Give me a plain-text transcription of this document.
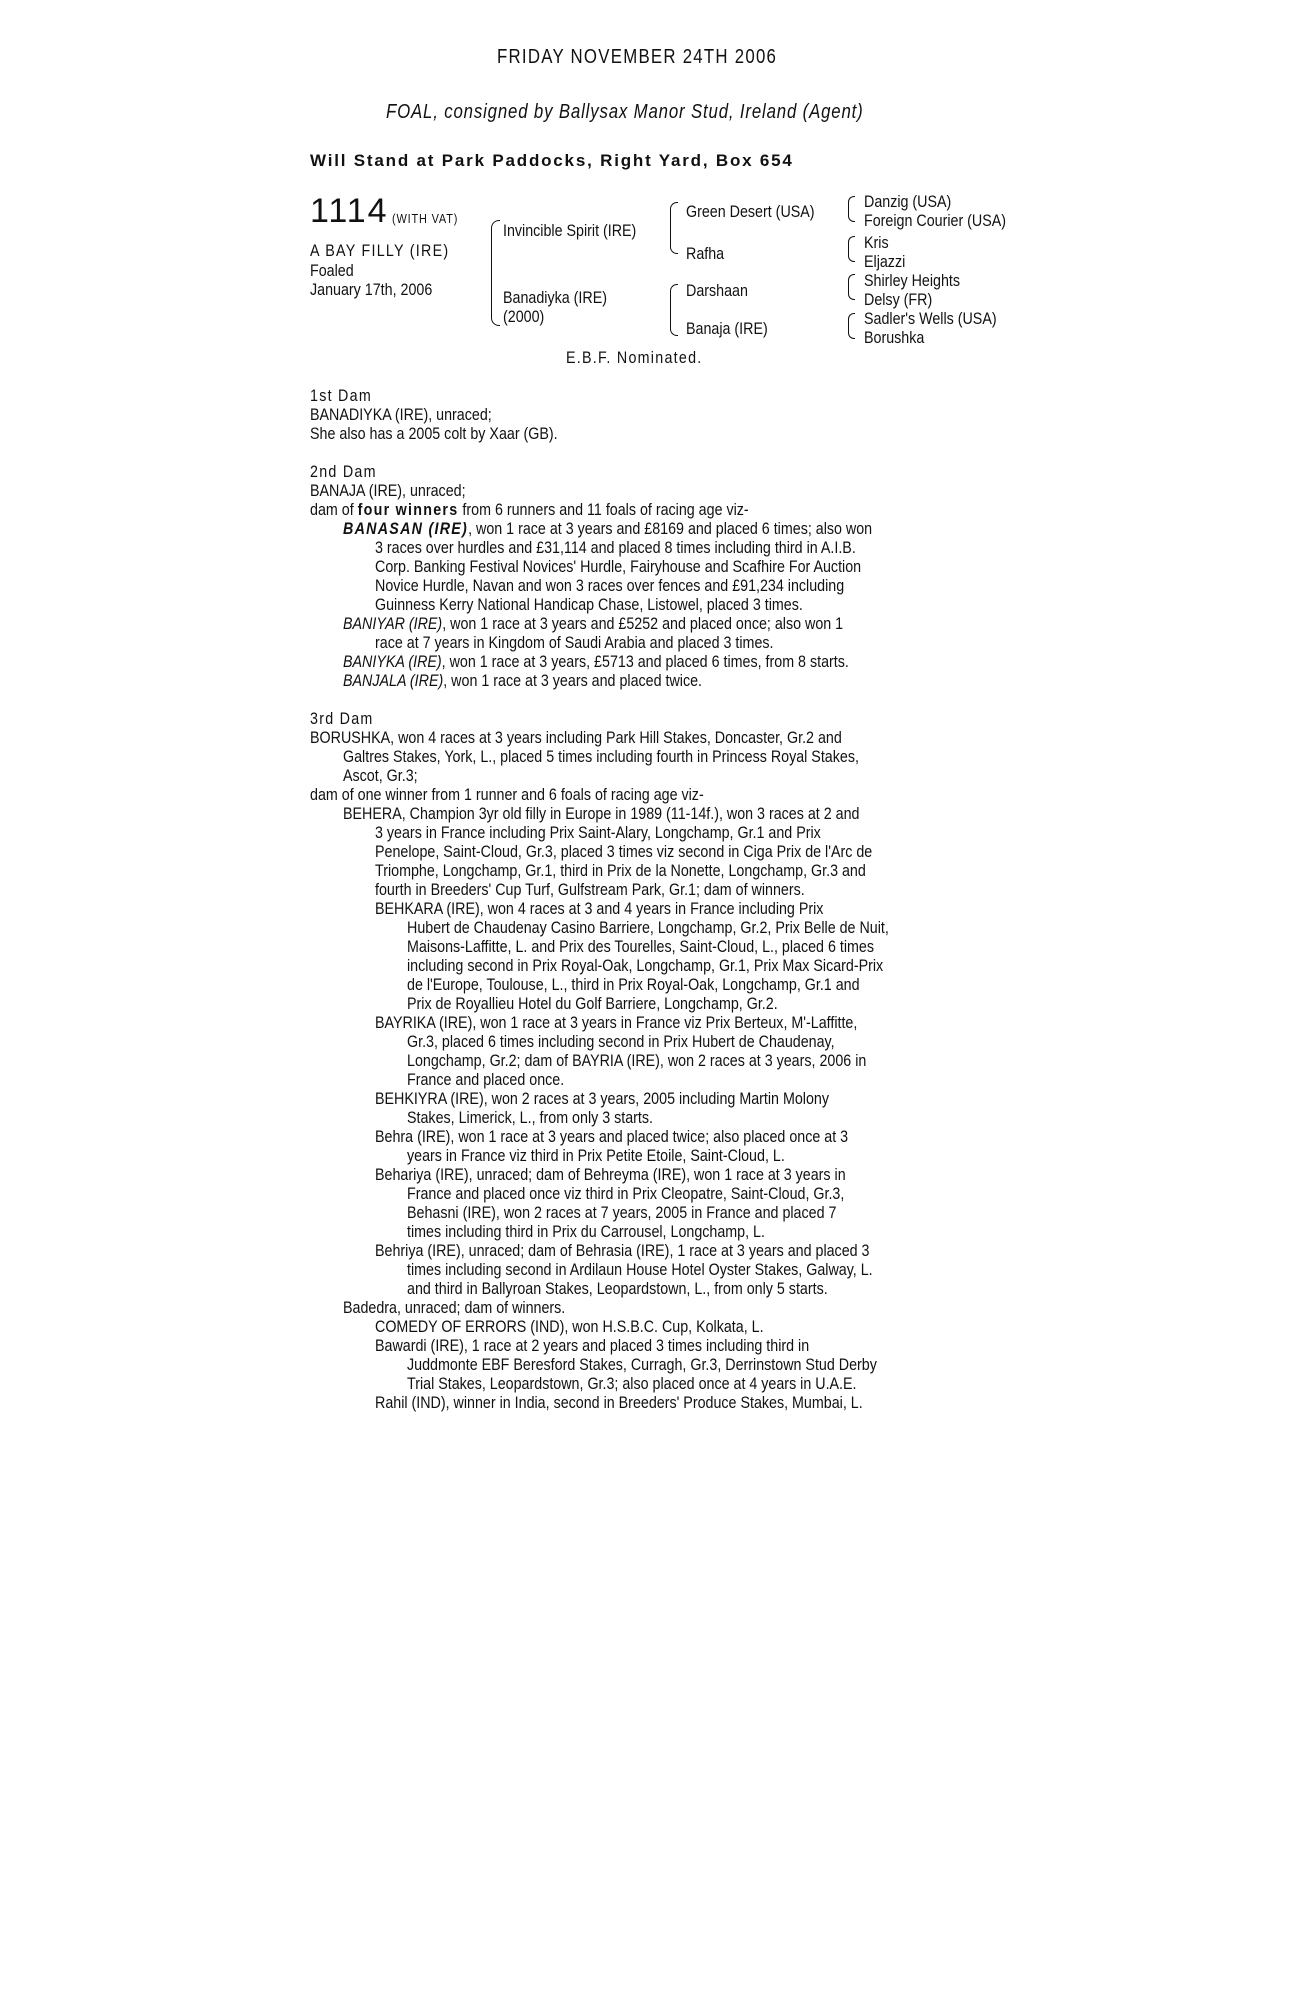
FRIDAY NOVEMBER 24TH 2006
FOAL, consigned by Ballysax Manor Stud, Ireland (Agent)
Will Stand at Park Paddocks, Right Yard, Box 654
1114 (WITH VAT)
A BAY FILLY (IRE)
Foaled
January 17th, 2006
Invincible Spirit (IRE)
Banadiyka (IRE)
(2000)
Green Desert (USA)
Rafha
Darshaan
Banaja (IRE)
Danzig (USA)
Foreign Courier (USA)
Kris
Eljazzi
Shirley Heights
Delsy (FR)
Sadler's Wells (USA)
Borushka
E.B.F. Nominated.
1st Dam
BANADIYKA (IRE), unraced;
She also has a 2005 colt by Xaar (GB).
2nd Dam
BANAJA (IRE), unraced;
dam of four winners from 6 runners and 11 foals of racing age viz-
BANASAN (IRE), won 1 race at 3 years and £8169 and placed 6 times; also won
3 races over hurdles and £31,114 and placed 8 times including third in A.I.B.
Corp. Banking Festival Novices' Hurdle, Fairyhouse and Scafhire For Auction
Novice Hurdle, Navan and won 3 races over fences and £91,234 including
Guinness Kerry National Handicap Chase, Listowel, placed 3 times.
BANIYAR (IRE), won 1 race at 3 years and £5252 and placed once; also won 1
race at 7 years in Kingdom of Saudi Arabia and placed 3 times.
BANIYKA (IRE), won 1 race at 3 years, £5713 and placed 6 times, from 8 starts.
BANJALA (IRE), won 1 race at 3 years and placed twice.
3rd Dam
BORUSHKA, won 4 races at 3 years including Park Hill Stakes, Doncaster, Gr.2 and
Galtres Stakes, York, L., placed 5 times including fourth in Princess Royal Stakes,
Ascot, Gr.3;
dam of one winner from 1 runner and 6 foals of racing age viz-
BEHERA, Champion 3yr old filly in Europe in 1989 (11-14f.), won 3 races at 2 and
3 years in France including Prix Saint-Alary, Longchamp, Gr.1 and Prix
Penelope, Saint-Cloud, Gr.3, placed 3 times viz second in Ciga Prix de l'Arc de
Triomphe, Longchamp, Gr.1, third in Prix de la Nonette, Longchamp, Gr.3 and
fourth in Breeders' Cup Turf, Gulfstream Park, Gr.1; dam of winners.
BEHKARA (IRE), won 4 races at 3 and 4 years in France including Prix
Hubert de Chaudenay Casino Barriere, Longchamp, Gr.2, Prix Belle de Nuit,
Maisons-Laffitte, L. and Prix des Tourelles, Saint-Cloud, L., placed 6 times
including second in Prix Royal-Oak, Longchamp, Gr.1, Prix Max Sicard-Prix
de l'Europe, Toulouse, L., third in Prix Royal-Oak, Longchamp, Gr.1 and
Prix de Royallieu Hotel du Golf Barriere, Longchamp, Gr.2.
BAYRIKA (IRE), won 1 race at 3 years in France viz Prix Berteux, M'-Laffitte,
Gr.3, placed 6 times including second in Prix Hubert de Chaudenay,
Longchamp, Gr.2; dam of BAYRIA (IRE), won 2 races at 3 years, 2006 in
France and placed once.
BEHKIYRA (IRE), won 2 races at 3 years, 2005 including Martin Molony
Stakes, Limerick, L., from only 3 starts.
Behra (IRE), won 1 race at 3 years and placed twice; also placed once at 3
years in France viz third in Prix Petite Etoile, Saint-Cloud, L.
Behariya (IRE), unraced; dam of Behreyma (IRE), won 1 race at 3 years in
France and placed once viz third in Prix Cleopatre, Saint-Cloud, Gr.3,
Behasni (IRE), won 2 races at 7 years, 2005 in France and placed 7
times including third in Prix du Carrousel, Longchamp, L.
Behriya (IRE), unraced; dam of Behrasia (IRE), 1 race at 3 years and placed 3
times including second in Ardilaun House Hotel Oyster Stakes, Galway, L.
and third in Ballyroan Stakes, Leopardstown, L., from only 5 starts.
Badedra, unraced; dam of winners.
COMEDY OF ERRORS (IND), won H.S.B.C. Cup, Kolkata, L.
Bawardi (IRE), 1 race at 2 years and placed 3 times including third in
Juddmonte EBF Beresford Stakes, Curragh, Gr.3, Derrinstown Stud Derby
Trial Stakes, Leopardstown, Gr.3; also placed once at 4 years in U.A.E.
Rahil (IND), winner in India, second in Breeders' Produce Stakes, Mumbai, L.
